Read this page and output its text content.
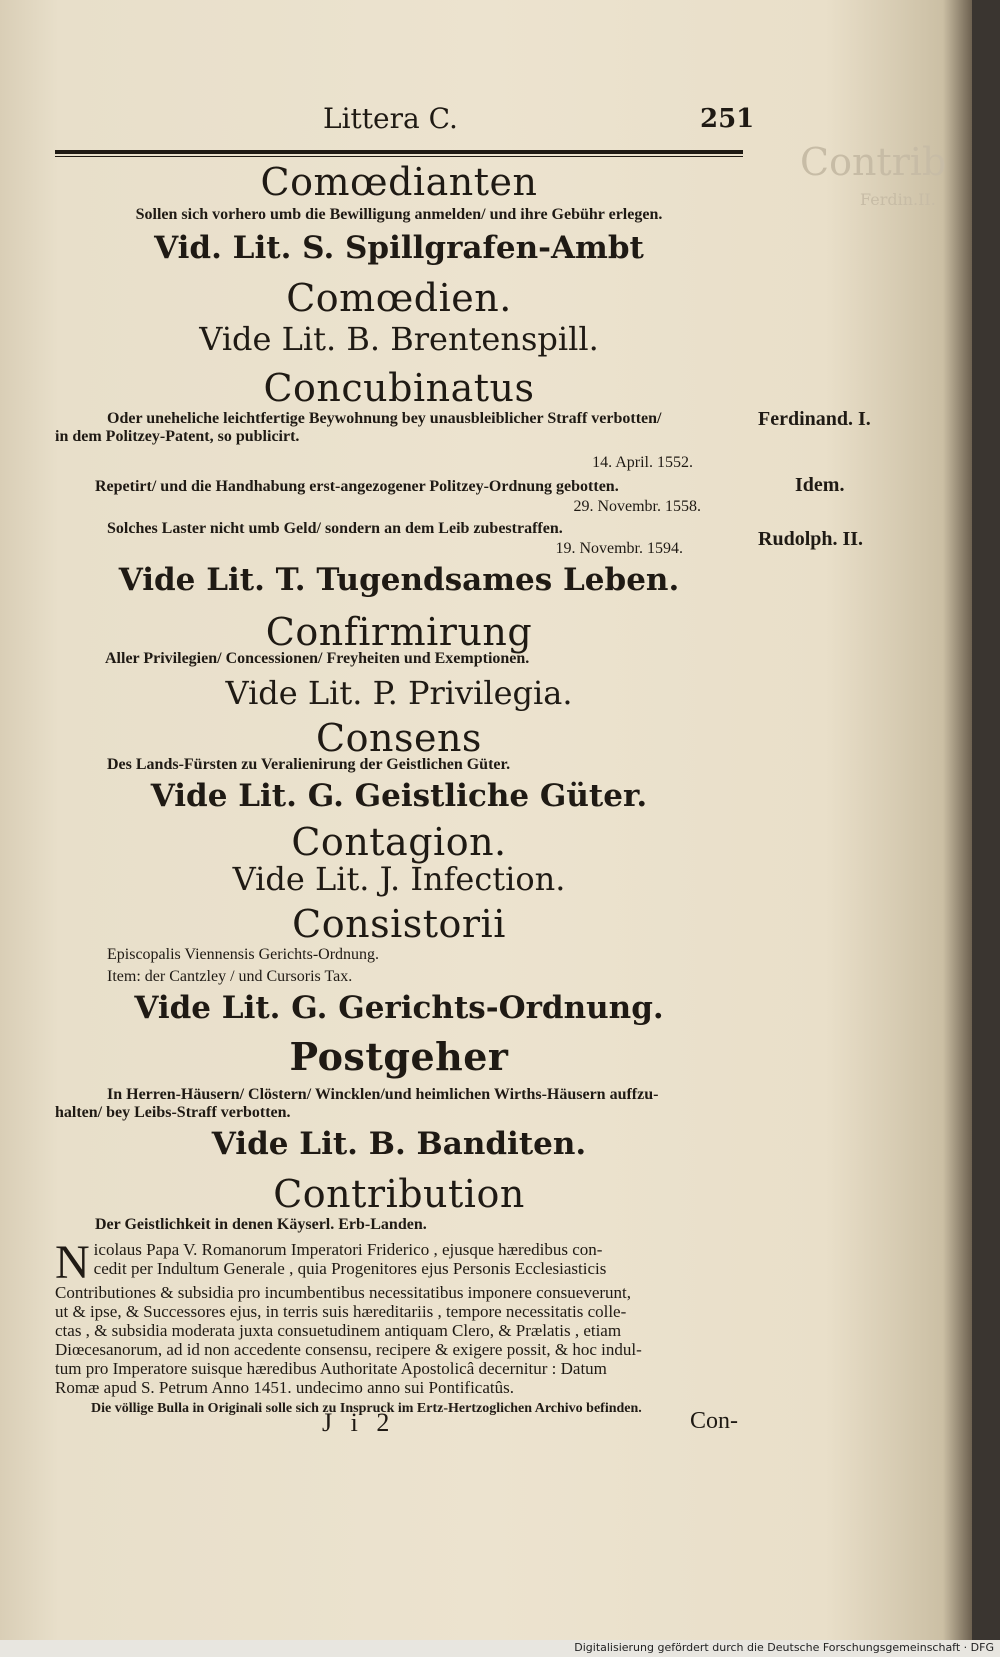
Contrib
Ferdin.II.
Littera C.	251
Comœdianten
Sollen sich vorhero umb die Bewilligung anmelden/ und ihre Gebühr erlegen.
Vid. Lit. S. Spillgrafen-Ambt
Comœdien.
Vide Lit. B. Brentenspill.
Concubinatus
Oder uneheliche leichtfertige Beywohnung bey unausbleiblicher Straff verbotten/
in dem Politzey-Patent, so publicirt.
14. April. 1552.
Repetirt/ und die Handhabung erst-angezogener Politzey-Ordnung gebotten.
29. Novembr. 1558.
Solches Laster nicht umb Geld/ sondern an dem Leib zubestraffen.
19. Novembr. 1594.
Vide Lit. T. Tugendsames Leben.
Confirmirung
Aller Privilegien/ Concessionen/ Freyheiten und Exemptionen.
Vide Lit. P. Privilegia.
Consens
Des Lands-Fürsten zu Veralienirung der Geistlichen Güter.
Vide Lit. G. Geistliche Güter.
Contagion.
Vide Lit. J. Infection.
Consistorii
Episcopalis Viennensis Gerichts-Ordnung.
Item: der Cantzley / und Cursoris Tax.
Vide Lit. G. Gerichts-Ordnung.
Postgeher
In Herren-Häusern/ Clöstern/ Wincklen/und heimlichen Wirths-Häusern auffzu-
halten/ bey Leibs-Straff verbotten.
Vide Lit. B. Banditen.
Contribution
Der Geistlichkeit in denen Käyserl. Erb-Landen.
N icolaus Papa V. Romanorum Imperatori Friderico , ejusque hæredibus con-
cedit per Indultum Generale , quia Progenitores ejus Personis Ecclesiasticis
Contributiones & subsidia pro incumbentibus necessitatibus imponere consueverunt,
ut & ipse, & Successores ejus, in terris suis hæreditariis , tempore necessitatis colle-
ctas , & subsidia moderata juxta consuetudinem antiquam Clero, & Prælatis , etiam
Diœcesanorum, ad id non accedente consensu, recipere & exigere possit, & hoc indul-
tum pro Imperatore suisque hæredibus Authoritate Apostolicâ decernitur : Datum
Romæ apud S. Petrum Anno 1451. undecimo anno sui Pontificatûs.
Die völlige Bulla in Originali solle sich zu Inspruck im Ertz-Hertzoglichen Archivo befinden.
Ferdinand. I.
Idem.
Rudolph. II.
J i 2	Con-
Digitalisierung gefördert durch die Deutsche Forschungsgemeinschaft · DFG
